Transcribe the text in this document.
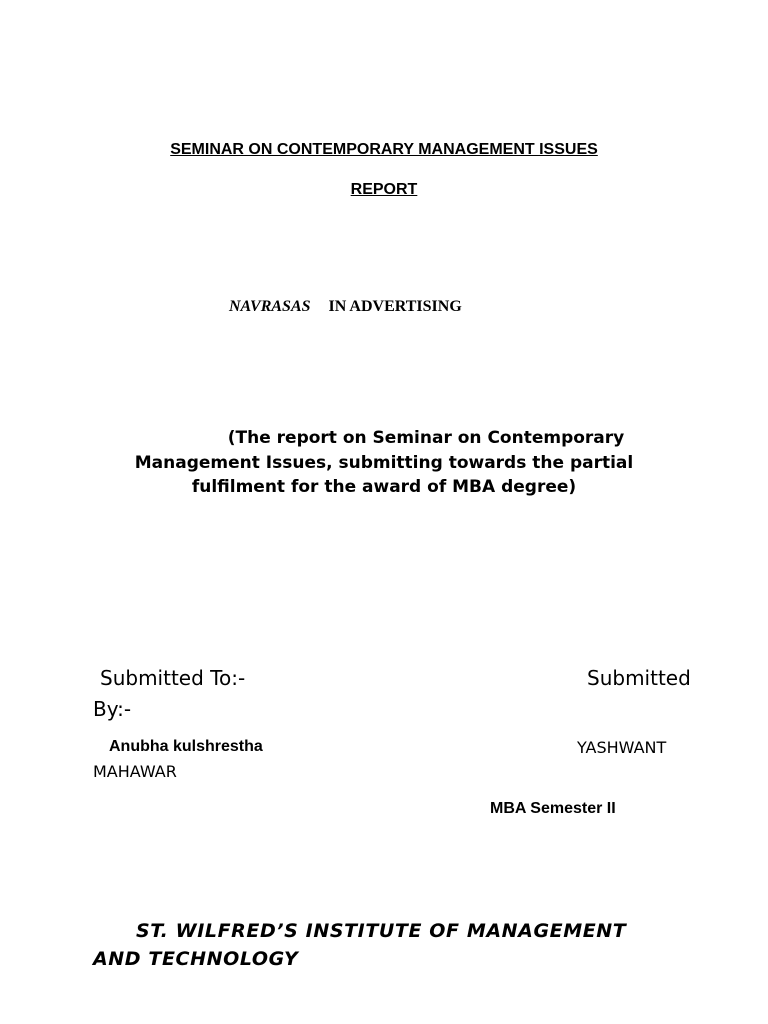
SEMINAR ON CONTEMPORARY MANAGEMENT ISSUES
REPORT
NAVRASAS IN ADVERTISING
(The report on Seminar on Contemporary Management Issues, submitting towards the partial fulfilment for the award of MBA degree)
Submitted To:-	Submitted
By:-
Anubha kulshrestha	YASHWANT
MAHAWAR
MBA Semester II
ST. WILFRED’S INSTITUTE OF MANAGEMENT
AND TECHNOLOGY
